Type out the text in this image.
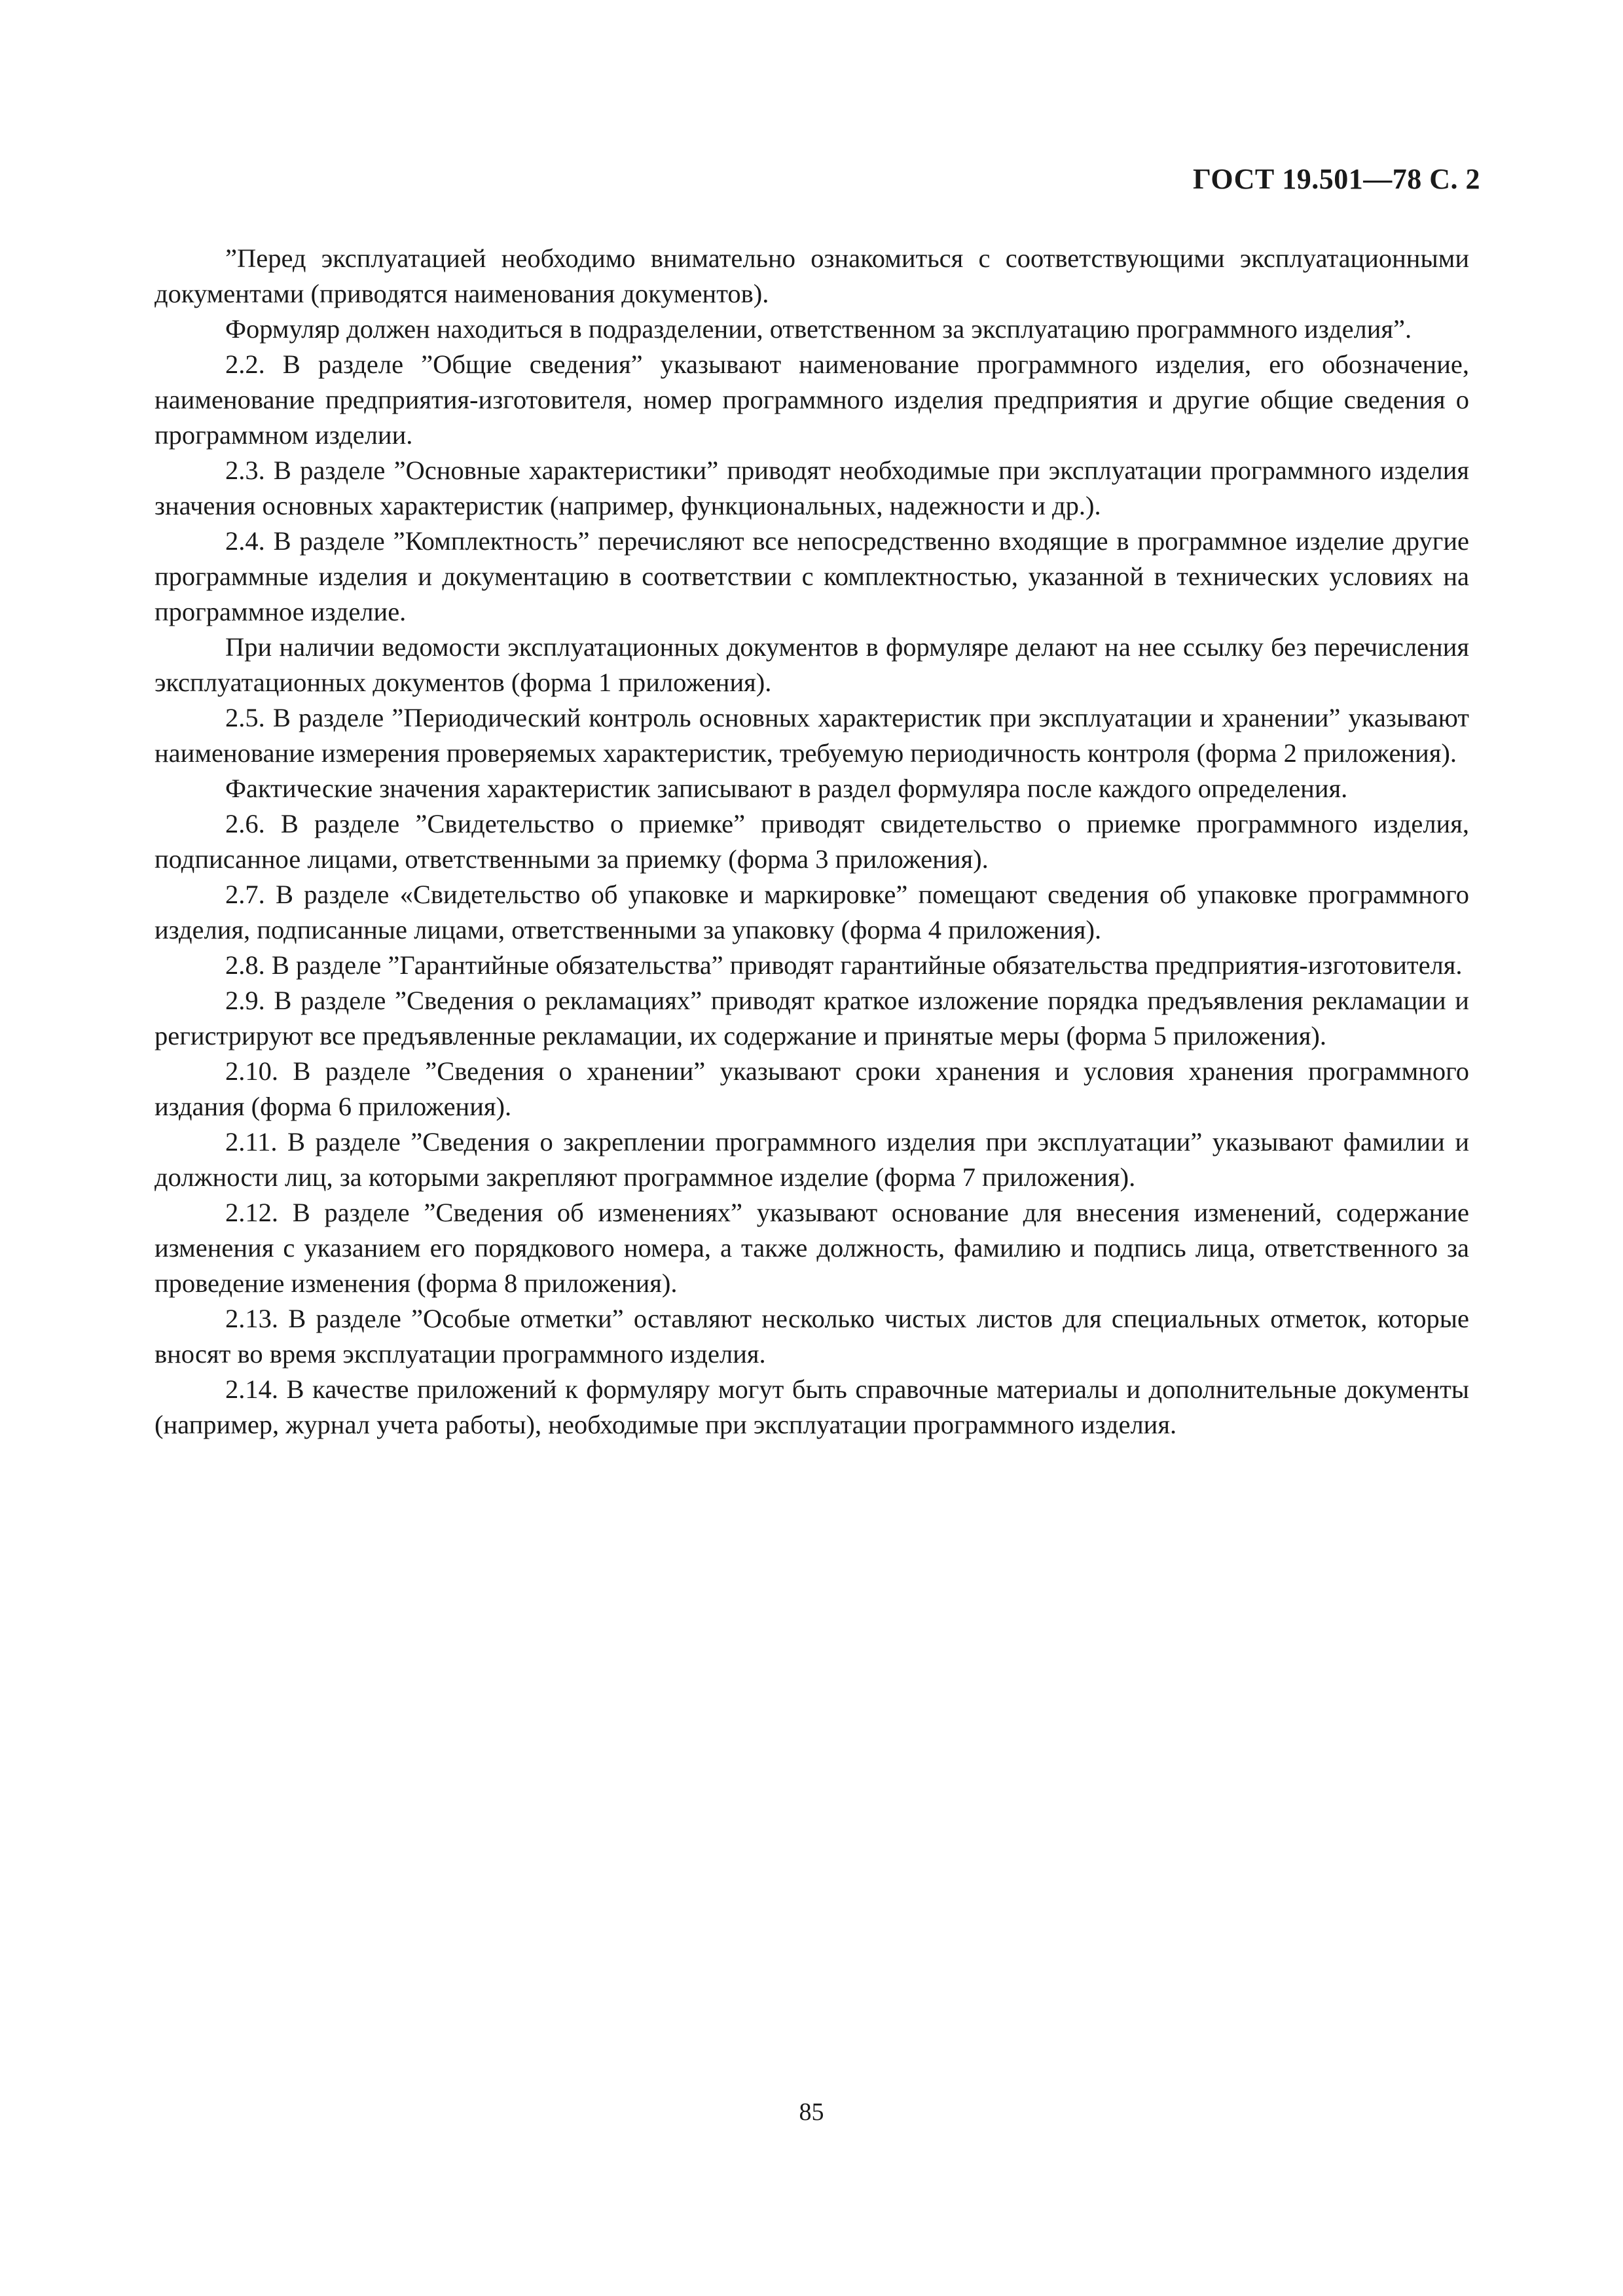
ГОСТ 19.501—78 С. 2

”Перед эксплуатацией необходимо внимательно ознакомиться с соответствующими эксплуатационными документами (приводятся наименования документов).

Формуляр должен находиться в подразделении, ответственном за эксплуатацию программного изделия”.

2.2. В разделе ”Общие сведения” указывают наименование программного изделия, его обозначение, наименование предприятия-изготовителя, номер программного изделия предприятия и другие общие сведения о программном изделии.

2.3. В разделе ”Основные характеристики” приводят необходимые при эксплуатации программного изделия значения основных характеристик (например, функциональных, надежности и др.).

2.4. В разделе ”Комплектность” перечисляют все непосредственно входящие в программное изделие другие программные изделия и документацию в соответствии с комплектностью, указанной в технических условиях на программное изделие.

При наличии ведомости эксплуатационных документов в формуляре делают на нее ссылку без перечисления эксплуатационных документов (форма 1 приложения).

2.5. В разделе ”Периодический контроль основных характеристик при эксплуатации и хранении” указывают наименование измерения проверяемых характеристик, требуемую периодичность контроля (форма 2 приложения).

Фактические значения характеристик записывают в раздел формуляра после каждого определения.

2.6. В разделе ”Свидетельство о приемке” приводят свидетельство о приемке программного изделия, подписанное лицами, ответственными за приемку (форма 3 приложения).

2.7. В разделе «Свидетельство об упаковке и маркировке” помещают сведения об упаковке программного изделия, подписанные лицами, ответственными за упаковку (форма 4 приложения).

2.8. В разделе ”Гарантийные обязательства” приводят гарантийные обязательства предприятия-изготовителя.

2.9. В разделе ”Сведения о рекламациях” приводят краткое изложение порядка предъявления рекламации и регистрируют все предъявленные рекламации, их содержание и принятые меры (форма 5 приложения).

2.10. В разделе ”Сведения о хранении” указывают сроки хранения и условия хранения программного издания (форма 6 приложения).

2.11. В разделе ”Сведения о закреплении программного изделия при эксплуатации” указывают фамилии и должности лиц, за которыми закрепляют программное изделие (форма 7 приложения).

2.12. В разделе ”Сведения об изменениях” указывают основание для внесения изменений, содержание изменения с указанием его порядкового номера, а также должность, фамилию и подпись лица, ответственного за проведение изменения (форма 8 приложения).

2.13. В разделе ”Особые отметки” оставляют несколько чистых листов для специальных отметок, которые вносят во время эксплуатации программного изделия.

2.14. В качестве приложений к формуляру могут быть справочные материалы и дополнительные документы (например, журнал учета работы), необходимые при эксплуатации программного изделия.

85
